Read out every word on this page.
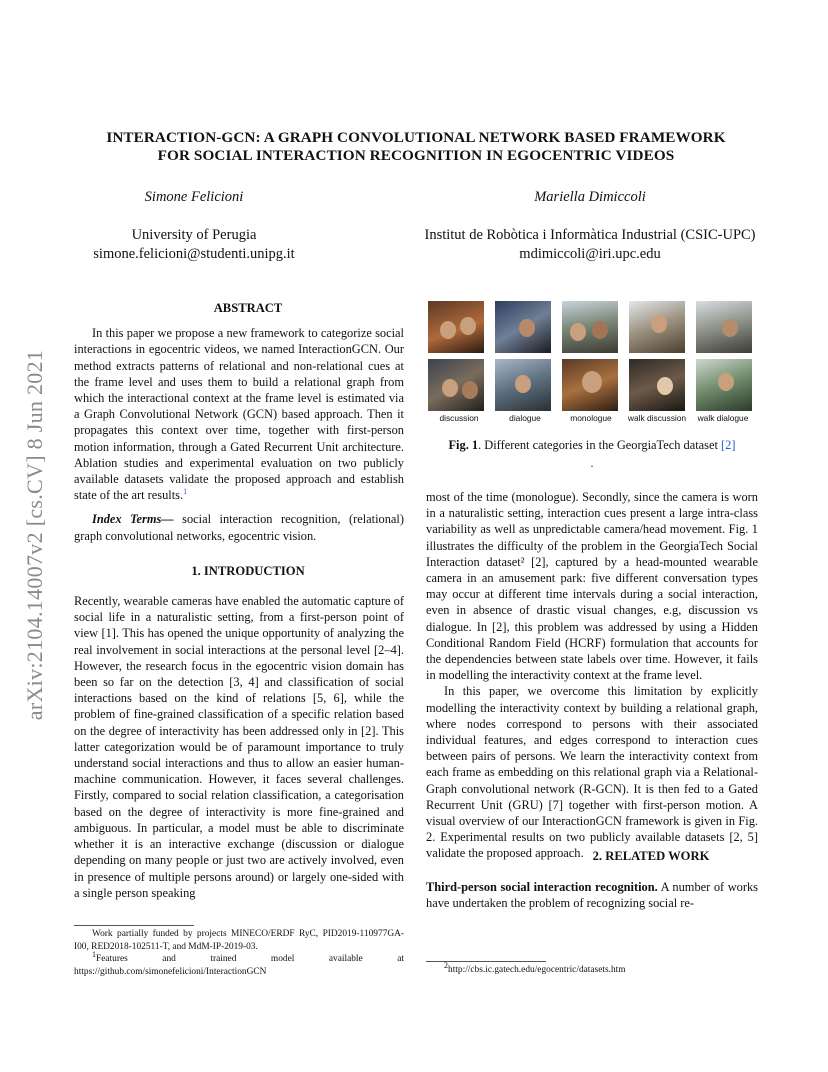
arXiv:2104.14007v2 [cs.CV] 8 Jun 2021
INTERACTION-GCN: A GRAPH CONVOLUTIONAL NETWORK BASED FRAMEWORK
FOR SOCIAL INTERACTION RECOGNITION IN EGOCENTRIC VIDEOS
Simone Felicioni
University of Perugia
simone.felicioni@studenti.unipg.it
Mariella Dimiccoli
Institut de Robòtica i Informàtica Industrial (CSIC-UPC)
mdimiccoli@iri.upc.edu

ABSTRACT

In this paper we propose a new framework to categorize social interactions in egocentric videos, we named InteractionGCN. Our method extracts patterns of relational and non-relational cues at the frame level and uses them to build a relational graph from which the interactional context at the frame level is estimated via a Graph Convolutional Network (GCN) based approach. Then it propagates this context over time, together with first-person motion information, through a Gated Recurrent Unit architecture. Ablation studies and experimental evaluation on two publicly available datasets validate the proposed approach and establish state of the art results.$^1$

Index Terms— social interaction recognition, (relational) graph convolutional networks, egocentric vision.

1. INTRODUCTION

Recently, wearable cameras have enabled the automatic capture of social life in a naturalistic setting, from a first-person point of view [1]. This has opened the unique opportunity of analyzing the real involvement in social interactions at the personal level [2–4]. However, the research focus in the egocentric vision domain has been so far on the detection [3, 4] and classification of social interactions based on the kind of relations [5, 6], while the problem of fine-grained classification of a specific relation based on the degree of interactivity has been addressed only in [2]. This latter categorization would be of paramount importance to truly understand social interactions and thus to allow an easier human-machine communication. However, it faces several challenges. Firstly, compared to social relation classification, a categorisation based on the degree of interactivity is more fine-grained and ambiguous. In particular, a model must be able to discriminate whether it is an interactive exchange (discussion or dialogue depending on many people or just two are actively involved, even in presence of multiple persons around) or largely one-sided with a single person speaking

Work partially funded by projects MINECO/ERDF RyC, PID2019-110977GA-I00, RED2018-102511-T, and MdM-IP-2019-03.
$^1$Features and trained model available at https://github.com/simonefelicioni/InteractionGCN
discussion	dialogue	monologue	walk discussion	walk dialogue
Fig. 1. Different categories in the GeorgiaTech dataset [2]
.

most of the time (monologue). Secondly, since the camera is worn in a naturalistic setting, interaction cues present a large intra-class variability as well as unpredictable camera/head movement. Fig. 1 illustrates the difficulty of the problem in the GeorgiaTech Social Interaction dataset² [2], captured by a head-mounted wearable camera in an amusement park: five different conversation types may occur at different time intervals during a social interaction, even in absence of drastic visual changes, e.g, discussion vs dialogue. In [2], this problem was addressed by using a Hidden Conditional Random Field (HCRF) formulation that accounts for the dependencies between state labels over time. However, it fails in modelling the interactivity context at the frame level.

In this paper, we overcome this limitation by explicitly modelling the interactivity context by building a relational graph, where nodes correspond to persons with their associated individual features, and edges correspond to interaction cues between pairs of persons. We learn the interactivity context from each frame as embedding on this relational graph via a Relational-Graph convolutional network (R-GCN). It is then fed to a Gated Recurrent Unit (GRU) [7] together with first-person motion. A visual overview of our InteractionGCN framework is given in Fig. 2. Experimental results on two publicly available datasets [2, 5] validate the proposed approach. 2. RELATED WORK

Third-person social interaction recognition. A number of works have undertaken the problem of recognizing social re-

$^2$http://cbs.ic.gatech.edu/egocentric/datasets.htm
